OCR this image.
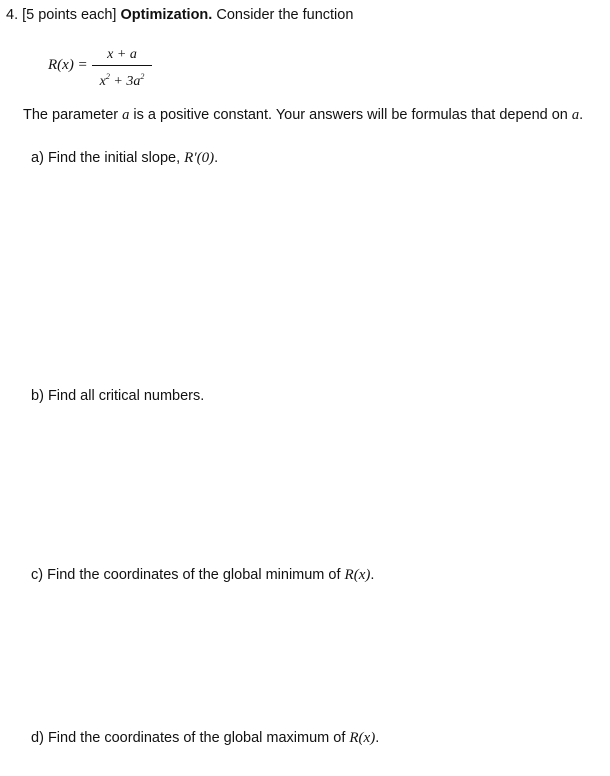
4. [5 points each] Optimization. Consider the function
R(x) =
x + a
$x^2 + 3a^2$
The parameter a is a positive constant. Your answers will be formulas that depend on a.
a) Find the initial slope, R′(0).
b) Find all critical numbers.
c) Find the coordinates of the global minimum of R(x).
d) Find the coordinates of the global maximum of R(x).
